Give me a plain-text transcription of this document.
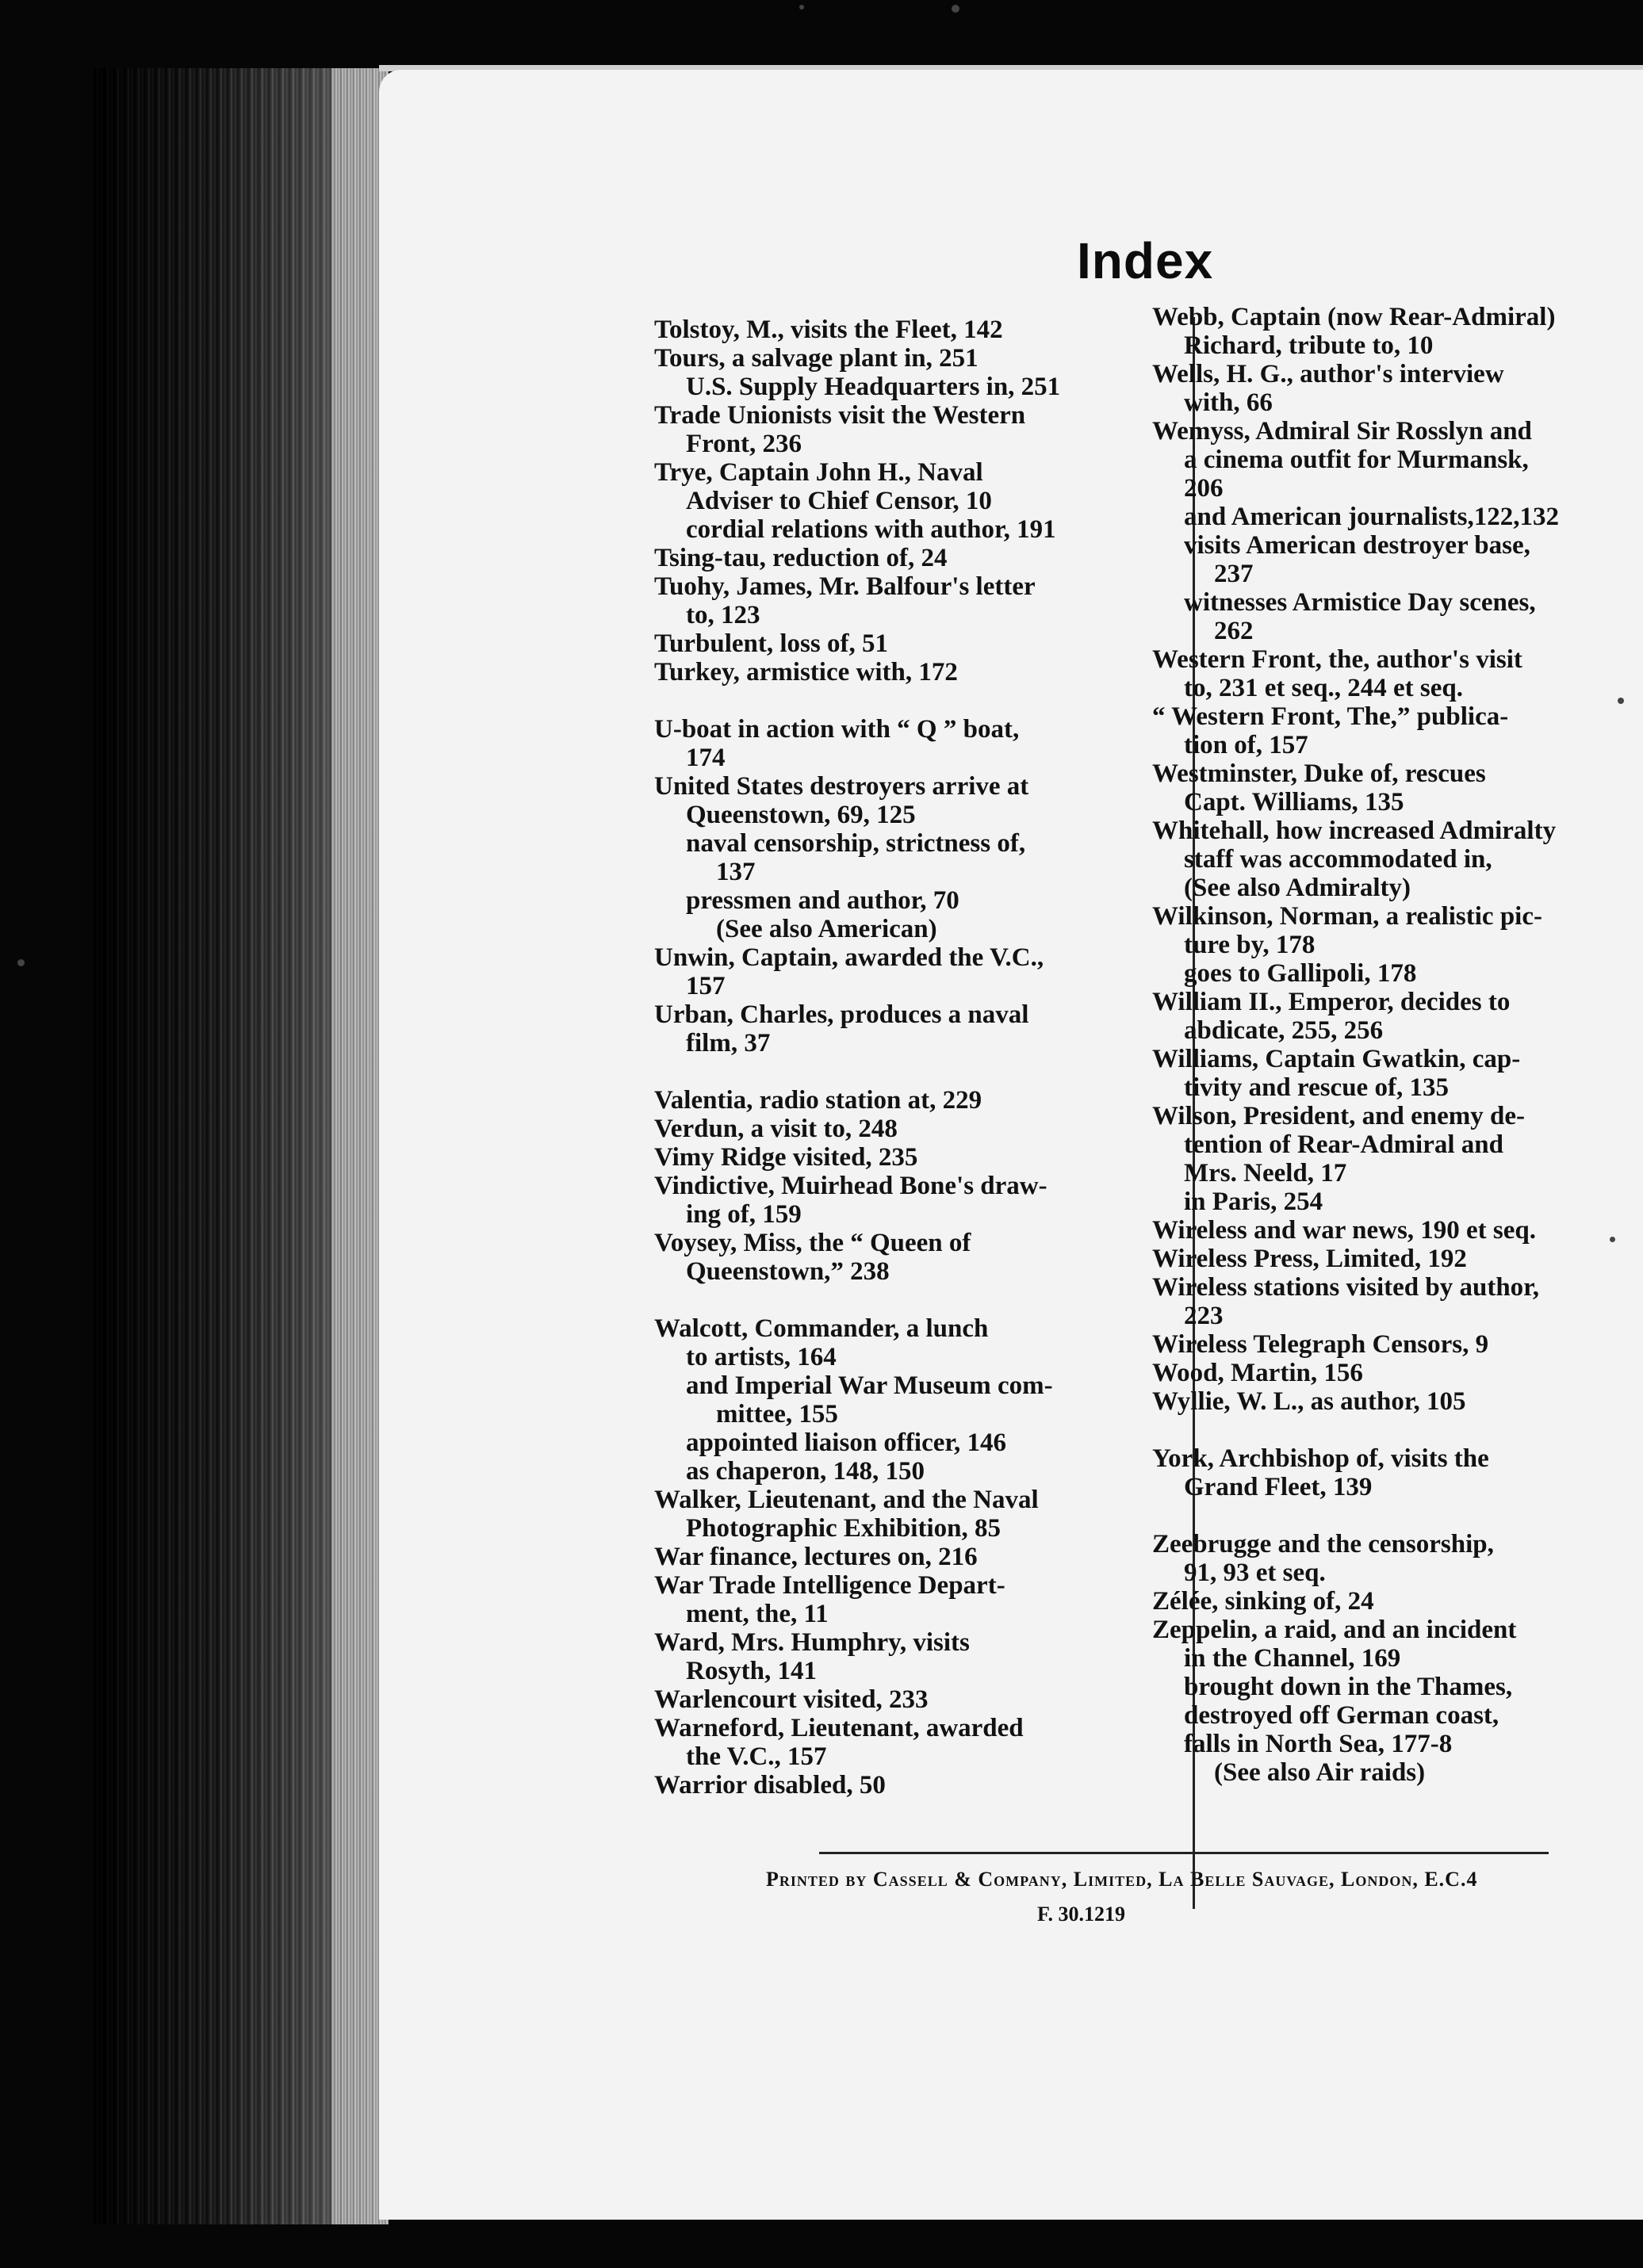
Index
Tolstoy, M., visits the Fleet, 142
Tours, a salvage plant in, 251
U.S. Supply Headquarters in, 251
Trade Unionists visit the Western
Front, 236
Trye, Captain John H., Naval
Adviser to Chief Censor, 10
cordial relations with author, 191
Tsing-tau, reduction of, 24
Tuohy, James, Mr. Balfour's letter
to, 123
Turbulent, loss of, 51
Turkey, armistice with, 172
U-boat in action with “ Q ” boat,
174
United States destroyers arrive at
Queenstown, 69, 125
naval censorship, strictness of,
137
pressmen and author, 70
(See also American)
Unwin, Captain, awarded the V.C.,
157
Urban, Charles, produces a naval
film, 37
Valentia, radio station at, 229
Verdun, a visit to, 248
Vimy Ridge visited, 235
Vindictive, Muirhead Bone's draw-
ing of, 159
Voysey, Miss, the “ Queen of
Queenstown,” 238
Walcott, Commander, a lunch
to artists, 164
and Imperial War Museum com-
mittee, 155
appointed liaison officer, 146
as chaperon, 148, 150
Walker, Lieutenant, and the Naval
Photographic Exhibition, 85
War finance, lectures on, 216
War Trade Intelligence Depart-
ment, the, 11
Ward, Mrs. Humphry, visits
Rosyth, 141
Warlencourt visited, 233
Warneford, Lieutenant, awarded
the V.C., 157
Warrior disabled, 50
Webb, Captain (now Rear-Admiral)
Richard, tribute to, 10
Wells, H. G., author's interview
with, 66
Wemyss, Admiral Sir Rosslyn and
a cinema outfit for Murmansk,
206
and American journalists,122,132
visits American destroyer base,
237
witnesses Armistice Day scenes,
262
Western Front, the, author's visit
to, 231 et seq., 244 et seq.
“ Western Front, The,” publica-
tion of, 157
Westminster, Duke of, rescues
Capt. Williams, 135
Whitehall, how increased Admiralty
staff was accommodated in,
(See also Admiralty)
Wilkinson, Norman, a realistic pic-
ture by, 178
goes to Gallipoli, 178
William II., Emperor, decides to
abdicate, 255, 256
Williams, Captain Gwatkin, cap-
tivity and rescue of, 135
Wilson, President, and enemy de-
tention of Rear-Admiral and
Mrs. Neeld, 17
in Paris, 254
Wireless and war news, 190 et seq.
Wireless Press, Limited, 192
Wireless stations visited by author,
223
Wireless Telegraph Censors, 9
Wood, Martin, 156
Wyllie, W. L., as author, 105
York, Archbishop of, visits the
Grand Fleet, 139
Zeebrugge and the censorship,
91, 93 et seq.
Zélée, sinking of, 24
Zeppelin, a raid, and an incident
in the Channel, 169
brought down in the Thames,
destroyed off German coast,
falls in North Sea, 177-8
(See also Air raids)
Printed by Cassell & Company, Limited, La Belle Sauvage, London, E.C.4
F. 30.1219
